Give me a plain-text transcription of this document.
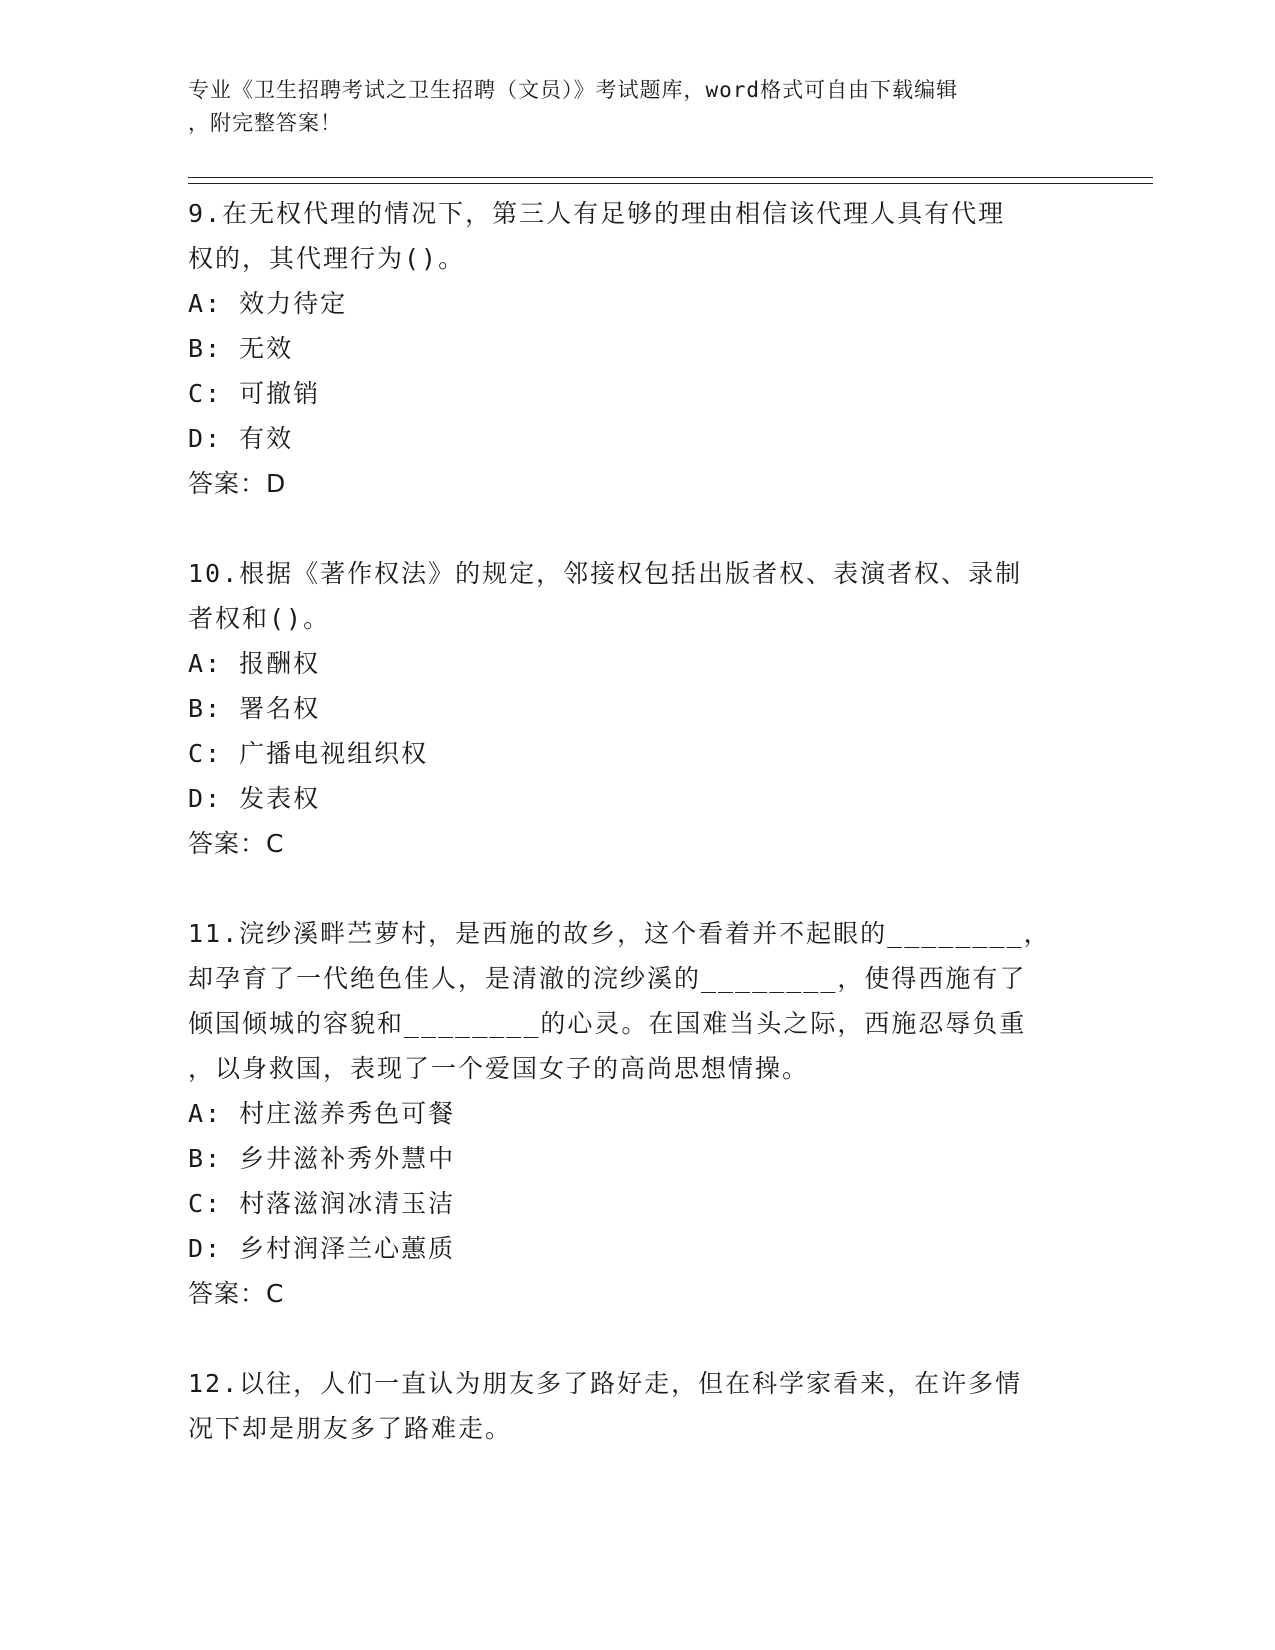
专业《卫生招聘考试之卫生招聘（文员）》考试题库，word格式可自由下载编辑
，附完整答案！
9.在无权代理的情况下，第三人有足够的理由相信该代理人具有代理
权的，其代理行为()。
A: 效力待定
B: 无效
C: 可撤销
D: 有效
答案：D
10.根据《著作权法》的规定，邻接权包括出版者权、表演者权、录制
者权和()。
A: 报酬权
B: 署名权
C: 广播电视组织权
D: 发表权
答案：C
11.浣纱溪畔苎萝村，是西施的故乡，这个看着并不起眼的________，
却孕育了一代绝色佳人，是清澈的浣纱溪的________，使得西施有了
倾国倾城的容貌和________的心灵。在国难当头之际，西施忍辱负重
，以身救国，表现了一个爱国女子的高尚思想情操。
A: 村庄滋养秀色可餐
B: 乡井滋补秀外慧中
C: 村落滋润冰清玉洁
D: 乡村润泽兰心蕙质
答案：C
12.以往，人们一直认为朋友多了路好走，但在科学家看来，在许多情
况下却是朋友多了路难走。
